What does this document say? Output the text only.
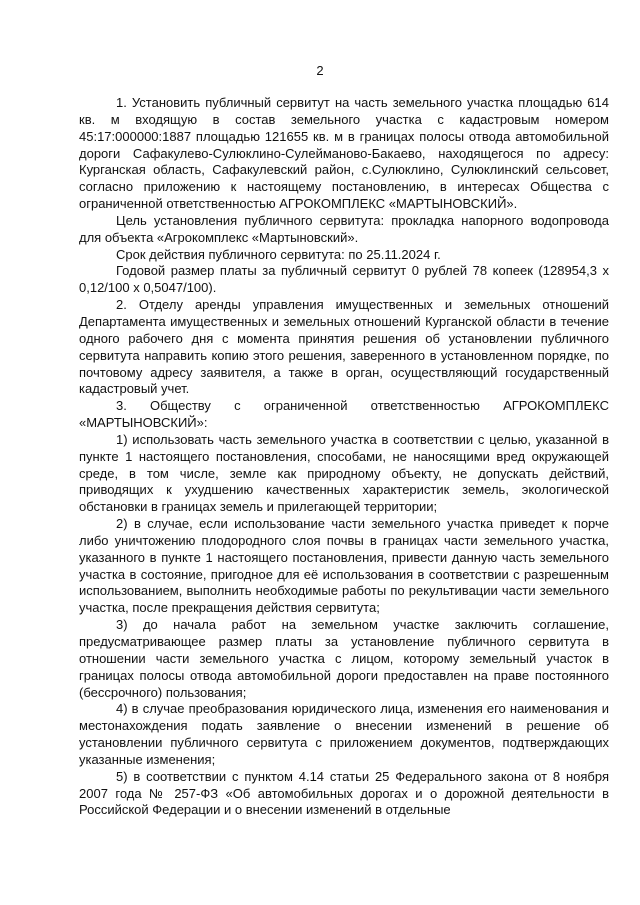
2

1. Установить публичный сервитут на часть земельного участка площадью 614 кв. м входящую в состав земельного участка с кадастровым номером 45:17:000000:1887 площадью 121655 кв. м в границах полосы отвода автомобильной дороги Сафакулево-Сулюклино-Сулейманово-Бакаево, находящегося по адресу: Курганская область, Сафакулевский район, с.Сулюклино, Сулюклинский сельсовет, согласно приложению к настоящему постановлению, в интересах Общества с ограниченной ответственностью АГРОКОМПЛЕКС «МАРТЫНОВСКИЙ».

Цель установления публичного сервитута: прокладка напорного водопровода для объекта «Агрокомплекс «Мартыновский».

Срок действия публичного сервитута: по 25.11.2024 г.

Годовой размер платы за публичный сервитут 0 рублей 78 копеек (128954,3 х 0,12/100 х 0,5047/100).

2. Отделу аренды управления имущественных и земельных отношений Департамента имущественных и земельных отношений Курганской области в течение одного рабочего дня с момента принятия решения об установлении публичного сервитута направить копию этого решения, заверенного в установленном порядке, по почтовому адресу заявителя, а также в орган, осуществляющий государственный кадастровый учет.

3. Обществу с ограниченной ответственностью АГРОКОМПЛЕКС «МАРТЫНОВСКИЙ»:

1) использовать часть земельного участка в соответствии с целью, указанной в пункте 1 настоящего постановления, способами, не наносящими вред окружающей среде, в том числе, земле как природному объекту, не допускать действий, приводящих к ухудшению качественных характеристик земель, экологической обстановки в границах земель и прилегающей территории;

2) в случае, если использование части земельного участка приведет к порче либо уничтожению плодородного слоя почвы в границах части земельного участка, указанного в пункте 1 настоящего постановления, привести данную часть земельного участка в состояние, пригодное для её использования в соответствии с разрешенным использованием, выполнить необходимые работы по рекультивации части земельного участка, после прекращения действия сервитута;

3) до начала работ на земельном участке заключить соглашение, предусматривающее размер платы за установление публичного сервитута в отношении части земельного участка с лицом, которому земельный участок в границах полосы отвода автомобильной дороги предоставлен на праве постоянного (бессрочного) пользования;

4) в случае преобразования юридического лица, изменения его наименования и местонахождения подать заявление о внесении изменений в решение об установлении публичного сервитута с приложением документов, подтверждающих указанные изменения;

5) в соответствии с пунктом 4.14 статьи 25 Федерального закона от 8 ноября 2007 года № 257-ФЗ «Об автомобильных дорогах и о дорожной деятельности в Российской Федерации и о внесении изменений в отдельные
